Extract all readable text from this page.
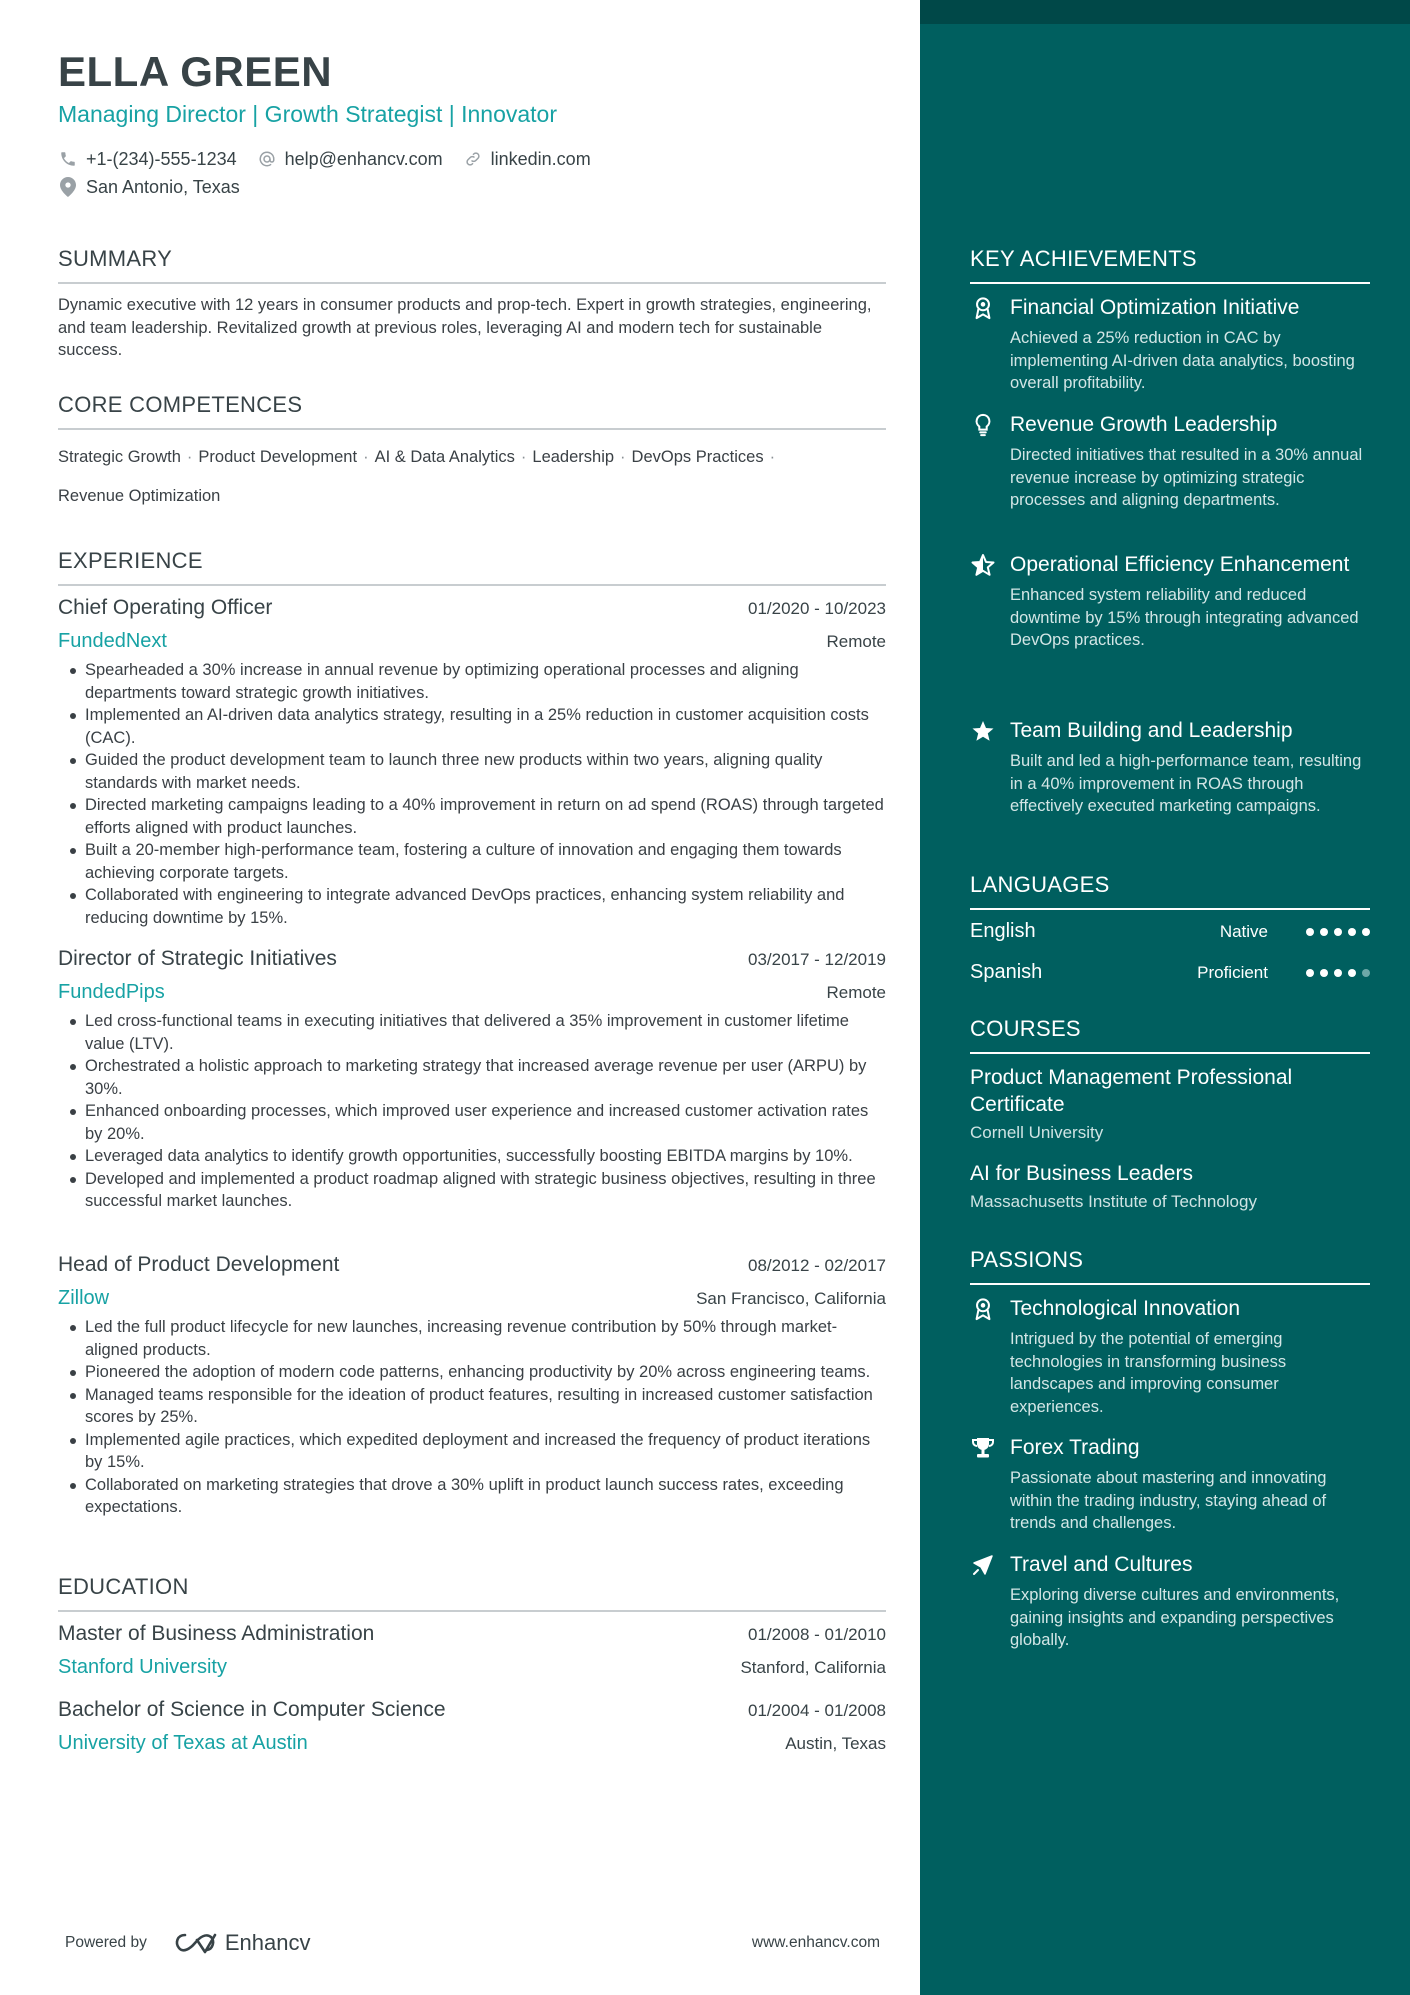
ELLA GREEN
Managing Director | Growth Strategist | Innovator
+1-(234)-555-1234	help@enhancv.com	linkedin.com
San Antonio, Texas
SUMMARY
Dynamic executive with 12 years in consumer products and prop-tech. Expert in growth strategies, engineering, and team leadership. Revitalized growth at previous roles, leveraging AI and modern tech for sustainable success.
CORE COMPETENCES
Strategic Growth · Product Development · AI & Data Analytics · Leadership · DevOps Practices ·
Revenue Optimization
EXPERIENCE
Chief Operating Officer	01/2020 - 10/2023
FundedNext	Remote
Spearheaded a 30% increase in annual revenue by optimizing operational processes and aligning departments toward strategic growth initiatives.
Implemented an AI-driven data analytics strategy, resulting in a 25% reduction in customer acquisition costs (CAC).
Guided the product development team to launch three new products within two years, aligning quality standards with market needs.
Directed marketing campaigns leading to a 40% improvement in return on ad spend (ROAS) through targeted efforts aligned with product launches.
Built a 20-member high-performance team, fostering a culture of innovation and engaging them towards achieving corporate targets.
Collaborated with engineering to integrate advanced DevOps practices, enhancing system reliability and reducing downtime by 15%.
Director of Strategic Initiatives	03/2017 - 12/2019
FundedPips	Remote
Led cross-functional teams in executing initiatives that delivered a 35% improvement in customer lifetime value (LTV).
Orchestrated a holistic approach to marketing strategy that increased average revenue per user (ARPU) by 30%.
Enhanced onboarding processes, which improved user experience and increased customer activation rates by 20%.
Leveraged data analytics to identify growth opportunities, successfully boosting EBITDA margins by 10%.
Developed and implemented a product roadmap aligned with strategic business objectives, resulting in three successful market launches.
Head of Product Development	08/2012 - 02/2017
Zillow	San Francisco, California
Led the full product lifecycle for new launches, increasing revenue contribution by 50% through market-aligned products.
Pioneered the adoption of modern code patterns, enhancing productivity by 20% across engineering teams.
Managed teams responsible for the ideation of product features, resulting in increased customer satisfaction scores by 25%.
Implemented agile practices, which expedited deployment and increased the frequency of product iterations by 15%.
Collaborated on marketing strategies that drove a 30% uplift in product launch success rates, exceeding expectations.
EDUCATION
Master of Business Administration	01/2008 - 01/2010
Stanford University	Stanford, California
Bachelor of Science in Computer Science	01/2004 - 01/2008
University of Texas at Austin	Austin, Texas
Powered by	Enhancv	www.enhancv.com
KEY ACHIEVEMENTS
Financial Optimization Initiative
Achieved a 25% reduction in CAC by implementing AI-driven data analytics, boosting overall profitability.
Revenue Growth Leadership
Directed initiatives that resulted in a 30% annual revenue increase by optimizing strategic processes and aligning departments.
Operational Efficiency Enhancement
Enhanced system reliability and reduced downtime by 15% through integrating advanced DevOps practices.
Team Building and Leadership
Built and led a high-performance team, resulting in a 40% improvement in ROAS through effectively executed marketing campaigns.
LANGUAGES
English	Native
Spanish	Proficient
COURSES
Product Management Professional Certificate
Cornell University
AI for Business Leaders
Massachusetts Institute of Technology
PASSIONS
Technological Innovation
Intrigued by the potential of emerging technologies in transforming business landscapes and improving consumer experiences.
Forex Trading
Passionate about mastering and innovating within the trading industry, staying ahead of trends and challenges.
Travel and Cultures
Exploring diverse cultures and environments, gaining insights and expanding perspectives globally.
